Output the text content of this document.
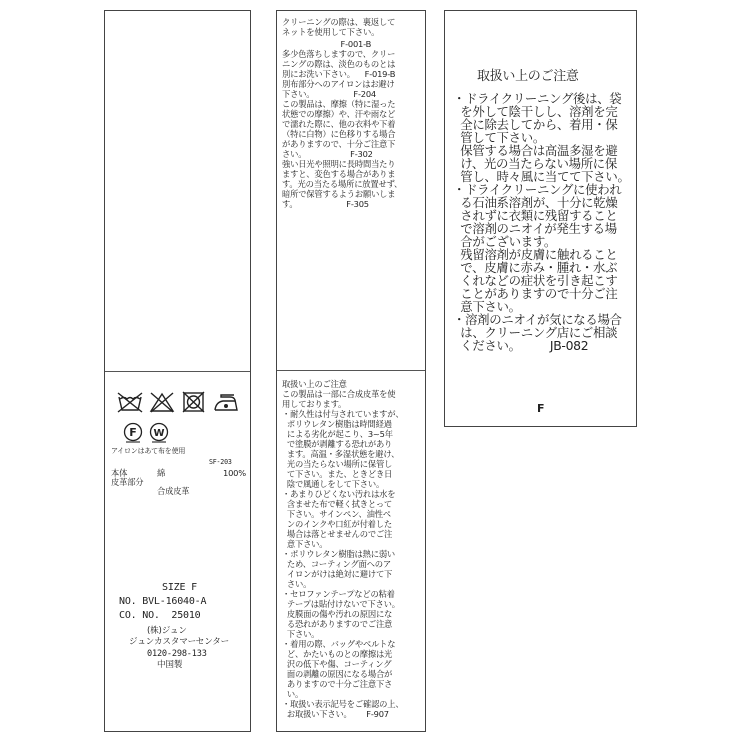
F W
アイロンはあて布を使用
SF-203
本体	綿	100%
皮革部分
合成皮革
SIZE F
NO. BVL-16040-A
CO. NO.  25010
(株)ジュン
ジュンカスタマーセンター
0120-298-133
中国製
クリーニングの際は、裏返して
ネットを使用して下さい。
F-001-B
多少色落ちしますので、クリー
ニングの際は、淡色のものとは
別にお洗い下さい。    F-019-B
別布部分へのアイロンはお避け
下さい。                F-204
この製品は、摩擦（特に湿った
状態での摩擦）や、汗や雨など
で濡れた際に、他の衣料や下着
（特に白物）に色移りする場合
がありますので、十分ご注意下
さい。                  F-302
強い日光や照明に長時間当たり
ますと、変色する場合がありま
す。光の当たる場所に放置せず、
暗所で保管するようお願いしま
す。                    F-305
取扱い上のご注意
この製品は一部に合成皮革を使
用しております。
・耐久性は付与されていますが、
ポリウレタン樹脂は時間経過
による劣化が起こり、3~5年
で塗膜が剥離する恐れがあり
ます。高温・多湿状態を避け、
光の当たらない場所に保管し
て下さい。また、ときどき日
陰で風通しをして下さい。
・あまりひどくない汚れは水を
含ませた布で軽く拭きとって
下さい。サインペン、油性ペ
ンのインクや口紅が付着した
場合は落とせませんのでご注
意下さい。
・ポリウレタン樹脂は熱に弱い
ため、コーティング面へのア
イロンがけは絶対に避けて下
さい。
・セロファンテープなどの粘着
テープは貼付けないで下さい。
皮膜面の傷や汚れの原因にな
る恐れがありますのでご注意
下さい。
・着用の際、バッグやベルトな
ど、かたいものとの摩擦は光
沢の低下や傷、コーティング
面の剥離の原因になる場合が
ありますので十分ご注意下さ
い。
・取扱い表示記号をご確認の上、
お取扱い下さい。      F-907
取扱い上のご注意
・ドライクリーニング後は、袋
を外して陰干しし、溶剤を完
全に除去してから、着用・保
管して下さい。
保管する場合は高温多湿を避
け、光の当たらない場所に保
管し、時々風に当てて下さい。
・ドライクリーニングに使われ
る石油系溶剤が、十分に乾燥
されずに衣類に残留すること
で溶剤のニオイが発生する場
合がございます。
残留溶剤が皮膚に触れること
で、皮膚に赤み・腫れ・水ぶ
くれなどの症状を引き起こす
ことがありますので十分ご注
意下さい。
・溶剤のニオイが気になる場合
は、クリーニング店にご相談
ください。        JB-082
F
